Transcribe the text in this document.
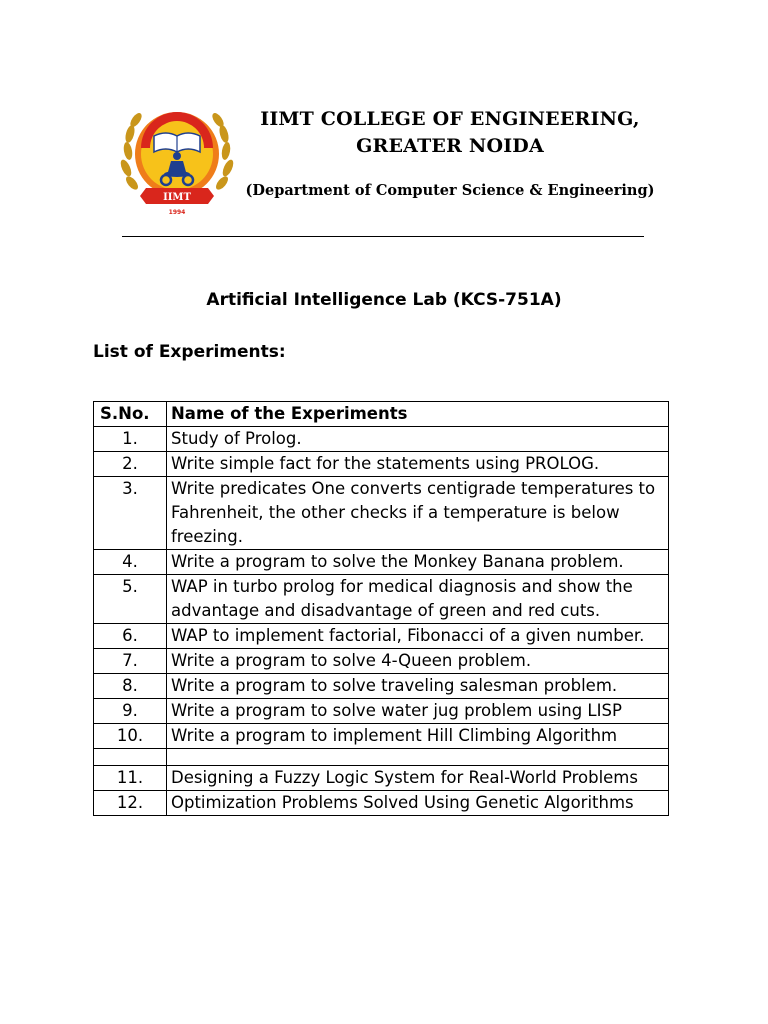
IIMT
1994
IIMT COLLEGE OF ENGINEERING,
GREATER NOIDA
(Department of Computer Science & Engineering)
Artificial Intelligence Lab (KCS-751A)
List of Experiments:
S.No.	Name of the Experiments
1.	Study of Prolog.
2.	Write simple fact for the statements using PROLOG.
3.	Write predicates One converts centigrade temperatures to Fahrenheit, the other checks if a temperature is below freezing.
4.	Write a program to solve the Monkey Banana problem.
5.	WAP in turbo prolog for medical diagnosis and show the advantage and disadvantage of green and red cuts.
6.	WAP to implement factorial, Fibonacci of a given number.
7.	Write a program to solve 4-Queen problem.
8.	Write a program to solve traveling salesman problem.
9.	Write a program to solve water jug problem using LISP
10.	Write a program to implement Hill Climbing Algorithm

11.	Designing a Fuzzy Logic System for Real-World Problems
12.	Optimization Problems Solved Using Genetic Algorithms
